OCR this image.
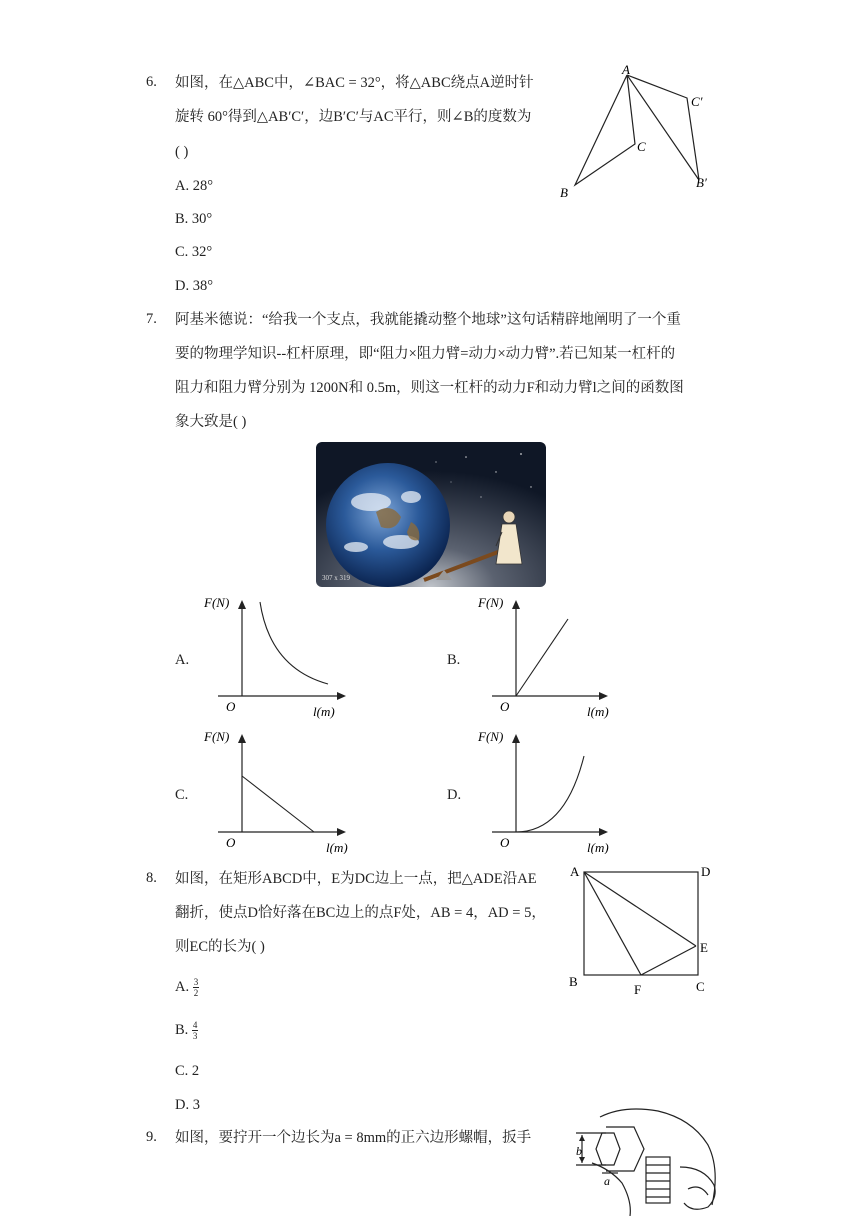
6. 如图，在△ABC中，∠BAC = 32°，将△ABC绕点A逆时针
旋转 60°得到△AB′C′，边B′C′与AC平行，则∠B的度数为
( )
A. 28°
B. 30°
C. 32°
D. 38°
A
B
C
C′
B′
7. 阿基米德说：“给我一个支点，我就能撬动整个地球”这句话精辟地阐明了一个重
要的物理学知识--杠杆原理，即“阻力×阻力臂=动力×动力臂”.若已知某一杠杆的
阻力和阻力臂分别为 1200N和 0.5m，则这一杠杆的动力F和动力臂l之间的函数图
象大致是( )
307 x 319
A.
F(N)
O	l(m)
B.
F(N)
O	l(m)
C.
F(N)
O	l(m)
D.
F(N)
O	l(m)
8. 如图，在矩形ABCD中，E为DC边上一点，把△ADE沿AE
翻折，使点D恰好落在BC边上的点F处，AB = 4，AD = 5，
则EC的长为( )
A. $\frac{3}{2}$
B. $\frac{4}{3}$
C. 2
D. 3
A	D
B	C
E
F
9. 如图，要拧开一个边长为a = 8mm的正六边形螺帽，扳手
b
a
